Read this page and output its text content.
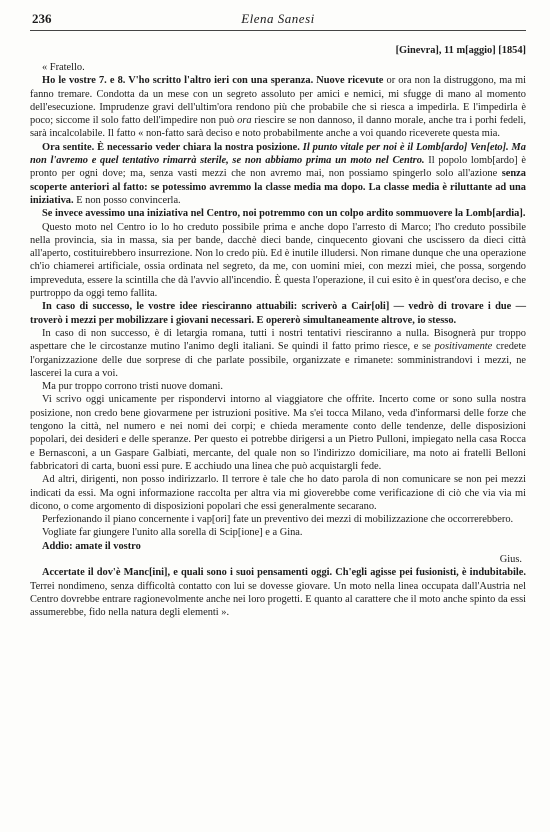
236	Elena Sanesi
[Ginevra], 11 m[aggio] [1854]

« Fratello.

Ho le vostre 7. e 8. V'ho scritto l'altro ieri con una speranza. Nuove ricevute or ora non la distruggono, ma mi fanno tremare. Condotta da un mese con un segreto assoluto per amici e nemici, mi sfugge di mano al momento dell'esecuzione. Imprudenze gravi dell'ultim'ora rendono più che probabile che si riesca a impedirla. E l'impedirla è poco; siccome il solo fatto dell'impedire non può ora riescire se non dannoso, il danno morale, anche tra i porhi fedeli, sarà incalcolabile. Il fatto « non-fatto sarà deciso e noto probabilmente anche a voi quando riceverete questa mia.

Ora sentite. È necessario veder chiara la nostra posizione. Il punto vitale per noi è il Lomb[ardo] Ven[eto]. Ma non l'avremo e quel tentativo rimarrà sterile, se non abbiamo prima un moto nel Centro. Il popolo lomb[ardo] è pronto per ogni dove; ma, senza vasti mezzi che non avremo mai, non possiamo spingerlo solo all'azione senza scoperte anteriori al fatto: se potessimo avremmo la classe media ma dopo. La classe media è riluttante ad una iniziativa. E non posso convincerla.

Se invece avessimo una iniziativa nel Centro, noi potremmo con un colpo ardito sommuovere la Lomb[ardia].

Questo moto nel Centro io lo ho creduto possibile prima e anche dopo l'arresto di Marco; l'ho creduto possibile nella provincia, sia in massa, sia per bande, dacchè dieci bande, cinquecento giovani che uscissero da dieci città all'aperto, costituirebbero insurrezione. Non lo credo più. Ed è inutile illudersi. Non rimane dunque che una operazione ch'io chiamerei artificiale, ossia ordinata nel segreto, da me, con uomini miei, con mezzi miei, che possa, sorgendo impreveduta, essere la scintilla che dà l'avvio all'incendio. È questa l'operazione, il cui esito è in quest'ora deciso, e che purtroppo da oggi temo fallita.

In caso di successo, le vostre idee riesciranno attuabili: scriverò a Cair[oli] — vedrò di trovare i due — troverò i mezzi per mobilizzare i giovani necessari. E opererò simultaneamente altrove, io stesso.

In caso di non successo, è di letargia romana, tutti i nostri tentativi riesciranno a nulla. Bisognerà pur troppo aspettare che le circostanze mutino l'animo degli italiani. Se quindi il fatto primo riesce, e se positivamente credete l'organizzazione delle due sorprese di che parlate possibile, organizzate e rimanete: somministrandovi i mezzi, ne lascerei la cura a voi.

Ma pur troppo corrono tristi nuove domani.

Vi scrivo oggi unicamente per rispondervi intorno al viaggiatore che offrite. Incerto come or sono sulla nostra posizione, non credo bene giovarmene per istruzioni positive. Ma s'ei tocca Milano, veda d'informarsi delle forze che tengono la città, nel numero e nei nomi dei corpi; e chieda meramente conto delle tendenze, delle disposizioni popolari, dei desideri e delle speranze. Per questo ei potrebbe dirigersi a un Pietro Pulloni, impiegato nella casa Rocca e Bernasconi, a un Gaspare Galbiati, mercante, del quale non so l'indirizzo domiciliare, ma noto ai fratelli Belloni fabbricatori di carta, buoni essi pure. E acchiudo una linea che può acquistargli fede.

Ad altri, dirigenti, non posso indirizzarlo. Il terrore è tale che ho dato parola di non comunicare se non pei mezzi indicati da essi. Ma ogni informazione raccolta per altra via mi gioverebbe come verificazione di ciò che via via mi dicono, o come argomento di disposizioni popolari che essi generalmente secarano.

Perfezionando il piano concernente i vap[ori] fate un preventivo dei mezzi di mobilizzazione che occorrerebbero.

Vogliate far giungere l'unito alla sorella di Scip[ione] e a Gina.

Addio: amate il vostro

Gius.

Accertate il dov'è Manc[ini], e quali sono i suoi pensamenti oggi. Ch'egli agisse pei fusionisti, è indubitabile. Terrei nondimeno, senza difficoltà contatto con lui se dovesse giovare. Un moto nella linea occupata dall'Austria nel Centro dovrebbe entrare ragionevolmente anche nei loro progetti. E quanto al carattere che il moto anche spinto da essi assumerebbe, fido nella natura degli elementi ».
